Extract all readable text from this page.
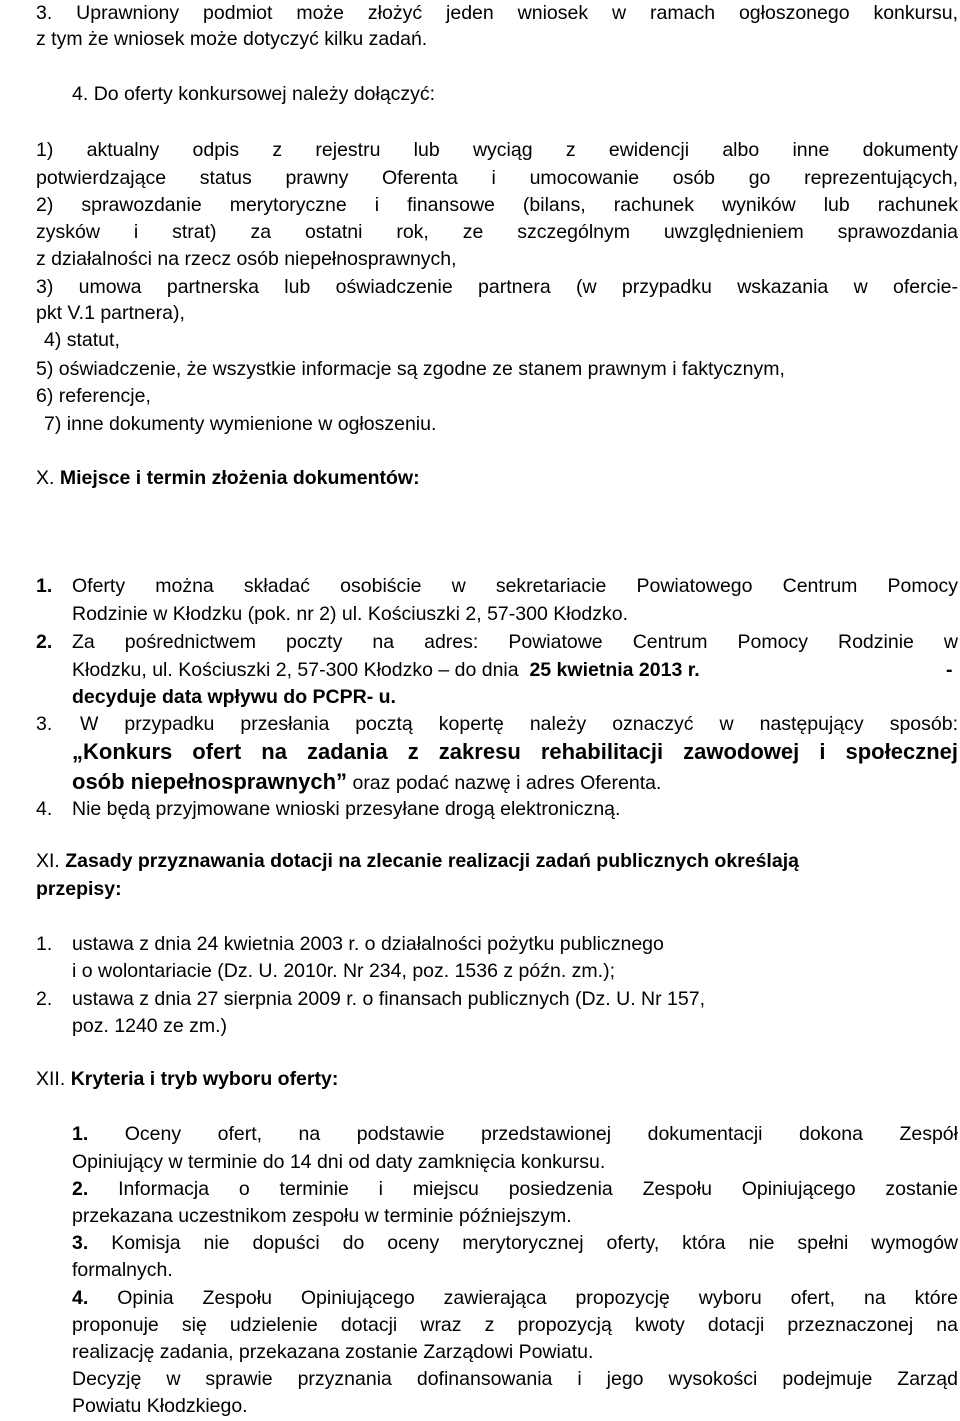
3. Uprawniony podmiot może złożyć jeden wniosek w ramach ogłoszonego konkursu,
z tym że wniosek może dotyczyć kilku zadań.
4. Do oferty konkursowej należy dołączyć:
1) aktualny odpis z rejestru lub wyciąg z ewidencji albo inne dokumenty
potwierdzające status prawny Oferenta i umocowanie osób go reprezentujących,
2) sprawozdanie merytoryczne i finansowe (bilans, rachunek wyników lub rachunek
zysków i strat) za ostatni rok, ze szczególnym uwzględnieniem sprawozdania
z działalności na rzecz osób niepełnosprawnych,
3) umowa partnerska lub oświadczenie partnera (w przypadku wskazania w ofercie-
pkt V.1 partnera),
4) statut,
5) oświadczenie, że wszystkie informacje są zgodne ze stanem prawnym i faktycznym,
6) referencje,
7) inne dokumenty wymienione w ogłoszeniu.
X. Miejsce i termin złożenia dokumentów:
1. Oferty można składać osobiście w sekretariacie Powiatowego Centrum Pomocy
Rodzinie w Kłodzku (pok. nr 2) ul. Kościuszki 2, 57-300 Kłodzko.
2. Za pośrednictwem poczty na adres: Powiatowe Centrum Pomocy Rodzinie w
Kłodzku, ul. Kościuszki 2, 57-300 Kłodzko – do dnia 25 kwietnia 2013 r.	-
decyduje data wpływu do PCPR- u.
3. W przypadku przesłania pocztą kopertę należy oznaczyć w następujący sposób:
„Konkurs ofert na zadania z zakresu rehabilitacji zawodowej i społecznej
osób niepełnosprawnych” oraz podać nazwę i adres Oferenta.
4. Nie będą przyjmowane wnioski przesyłane drogą elektroniczną.
XI. Zasady przyznawania dotacji na zlecanie realizacji zadań publicznych określają
przepisy:
1. ustawa z dnia 24 kwietnia 2003 r. o działalności pożytku publicznego
i o wolontariacie (Dz. U. 2010r. Nr 234, poz. 1536 z późn. zm.);
2. ustawa z dnia 27 sierpnia 2009 r. o finansach publicznych (Dz. U. Nr 157,
poz. 1240 ze zm.)
XII. Kryteria i tryb wyboru oferty:
1. Oceny ofert, na podstawie przedstawionej dokumentacji dokona Zespół
Opiniujący w terminie do 14 dni od daty zamknięcia konkursu.
2. Informacja o terminie i miejscu posiedzenia Zespołu Opiniującego zostanie
przekazana uczestnikom zespołu w terminie późniejszym.
3. Komisja nie dopuści do oceny merytorycznej oferty, która nie spełni wymogów
formalnych.
4. Opinia Zespołu Opiniującego zawierająca propozycję wyboru ofert, na które
proponuje się udzielenie dotacji wraz z propozycją kwoty dotacji przeznaczonej na
realizację zadania, przekazana zostanie Zarządowi Powiatu.
Decyzję w sprawie przyznania dofinansowania i jego wysokości podejmuje Zarząd
Powiatu Kłodzkiego.
